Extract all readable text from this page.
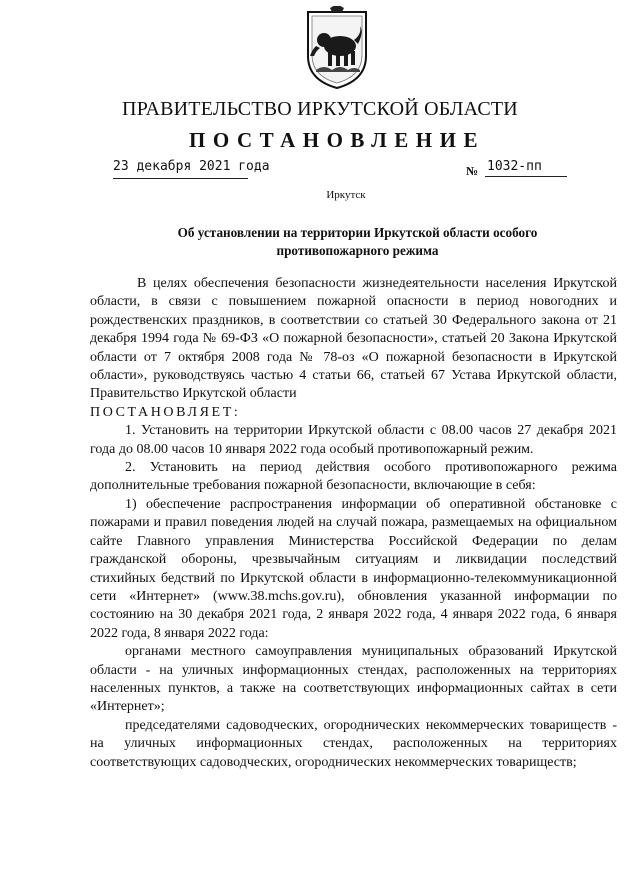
ПРАВИТЕЛЬСТВО ИРКУТСКОЙ ОБЛАСТИ
ПОСТАНОВЛЕНИЕ
23 декабря 2021 года	№ 1032-пп
Иркутск
Об установлении на территории Иркутской области особого противопожарного режима

В целях обеспечения безопасности жизнедеятельности населения Иркутской области, в связи с повышением пожарной опасности в период новогодних и рождественских праздников, в соответствии со статьей 30 Федерального закона от 21 декабря 1994 года № 69-ФЗ «О пожарной безопасности», статьей 20 Закона Иркутской области от 7 октября 2008 года № 78-оз «О пожарной безопасности в Иркутской области», руководствуясь частью 4 статьи 66, статьей 67 Устава Иркутской области, Правительство Иркутской области

ПОСТАНОВЛЯЕТ:

1. Установить на территории Иркутской области с 08.00 часов 27 декабря 2021 года до 08.00 часов 10 января 2022 года особый противопожарный режим.

2. Установить на период действия особого противопожарного режима дополнительные требования пожарной безопасности, включающие в себя:

1) обеспечение распространения информации об оперативной обстановке с пожарами и правил поведения людей на случай пожара, размещаемых на официальном сайте Главного управления Министерства Российской Федерации по делам гражданской обороны, чрезвычайным ситуациям и ликвидации последствий стихийных бедствий по Иркутской области в информационно-телекоммуникационной сети «Интернет» (www.38.mchs.gov.ru), обновления указанной информации по состоянию на 30 декабря 2021 года, 2 января 2022 года, 4 января 2022 года, 6 января 2022 года, 8 января 2022 года:

органами местного самоуправления муниципальных образований Иркутской области - на уличных информационных стендах, расположенных на территориях населенных пунктов, а также на соответствующих информационных сайтах в сети «Интернет»;

председателями садоводческих, огороднических некоммерческих товариществ - на уличных информационных стендах, расположенных на территориях соответствующих садоводческих, огороднических некоммерческих товариществ;
